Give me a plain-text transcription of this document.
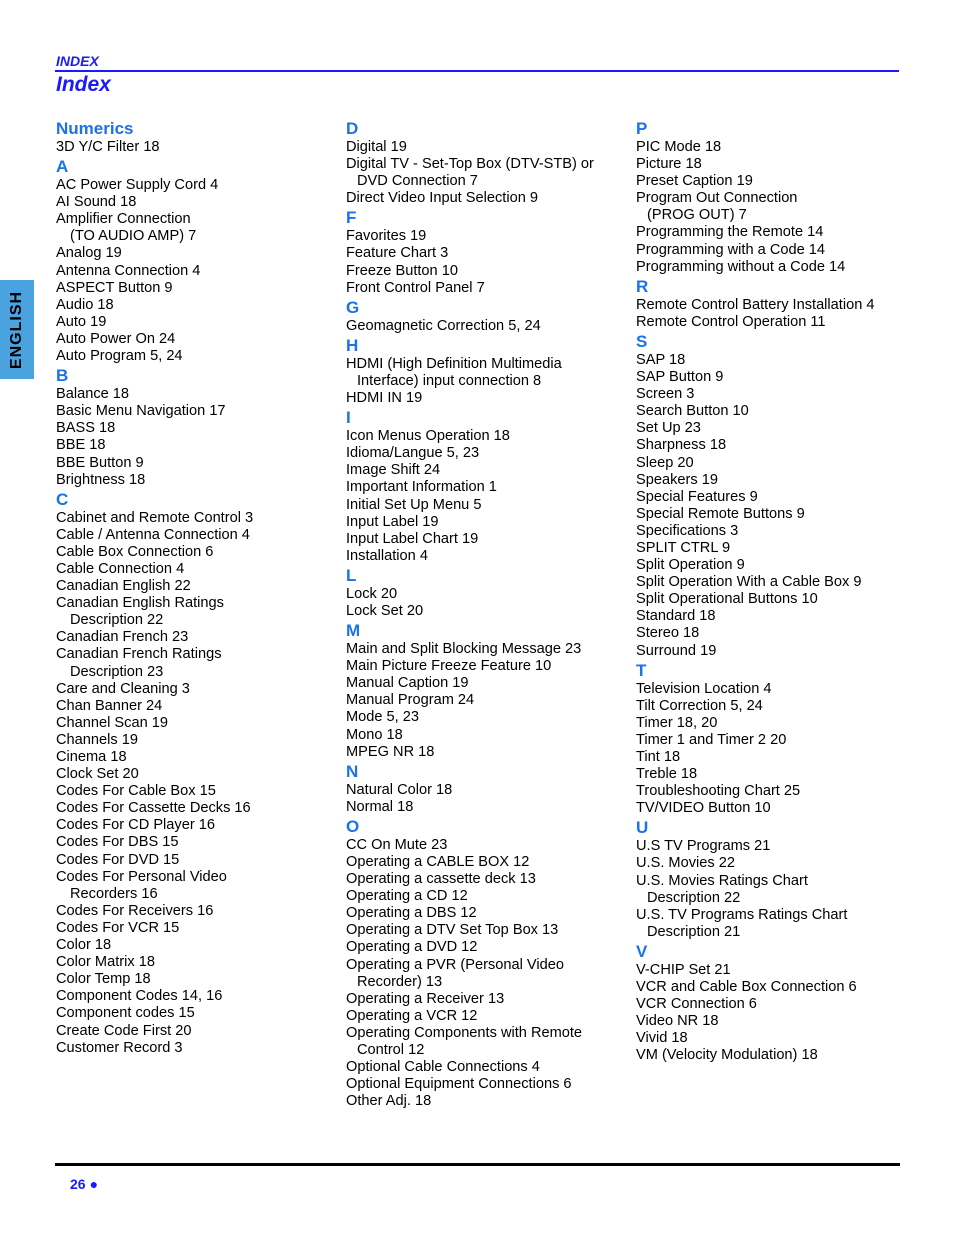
INDEX
Index
ENGLISH
Numerics
3D Y/C Filter 18
A
AC Power Supply Cord 4
AI Sound 18
Amplifier Connection
(TO AUDIO AMP) 7
Analog 19
Antenna Connection 4
ASPECT Button 9
Audio 18
Auto 19
Auto Power On 24
Auto Program 5, 24
B
Balance 18
Basic Menu Navigation 17
BASS 18
BBE 18
BBE Button 9
Brightness 18
C
Cabinet and Remote Control 3
Cable / Antenna Connection 4
Cable Box Connection 6
Cable Connection 4
Canadian English 22
Canadian English Ratings
Description 22
Canadian French 23
Canadian French Ratings
Description 23
Care and Cleaning 3
Chan Banner 24
Channel Scan 19
Channels 19
Cinema 18
Clock Set 20
Codes For Cable Box 15
Codes For Cassette Decks 16
Codes For CD Player 16
Codes For DBS 15
Codes For DVD 15
Codes For Personal Video
Recorders 16
Codes For Receivers 16
Codes For VCR 15
Color 18
Color Matrix 18
Color Temp 18
Component Codes 14, 16
Component codes 15
Create Code First 20
Customer Record 3
D
Digital 19
Digital TV - Set-Top Box (DTV-STB) or
DVD Connection 7
Direct Video Input Selection 9
F
Favorites 19
Feature Chart 3
Freeze Button 10
Front Control Panel 7
G
Geomagnetic Correction 5, 24
H
HDMI (High Definition Multimedia
Interface) input connection 8
HDMI IN 19
I
Icon Menus Operation 18
Idioma/Langue 5, 23
Image Shift 24
Important Information 1
Initial Set Up Menu 5
Input Label 19
Input Label Chart 19
Installation 4
L
Lock 20
Lock Set 20
M
Main and Split Blocking Message 23
Main Picture Freeze Feature 10
Manual Caption 19
Manual Program 24
Mode 5, 23
Mono 18
MPEG NR 18
N
Natural Color 18
Normal 18
O
CC On Mute 23
Operating a CABLE BOX 12
Operating a cassette deck 13
Operating a CD 12
Operating a DBS 12
Operating a DTV Set Top Box 13
Operating a DVD 12
Operating a PVR (Personal Video
Recorder) 13
Operating a Receiver 13
Operating a VCR 12
Operating Components with Remote
Control 12
Optional Cable Connections 4
Optional Equipment Connections 6
Other Adj. 18
P
PIC Mode 18
Picture 18
Preset Caption 19
Program Out Connection
(PROG OUT) 7
Programming the Remote 14
Programming with a Code 14
Programming without a Code 14
R
Remote Control Battery Installation 4
Remote Control Operation 11
S
SAP 18
SAP Button 9
Screen 3
Search Button 10
Set Up 23
Sharpness 18
Sleep 20
Speakers 19
Special Features 9
Special Remote Buttons 9
Specifications 3
SPLIT CTRL 9
Split Operation 9
Split Operation With a Cable Box 9
Split Operational Buttons 10
Standard 18
Stereo 18
Surround 19
T
Television Location 4
Tilt Correction 5, 24
Timer 18, 20
Timer 1 and Timer 2 20
Tint 18
Treble 18
Troubleshooting Chart 25
TV/VIDEO Button 10
U
U.S TV Programs 21
U.S. Movies 22
U.S. Movies Ratings Chart
Description 22
U.S. TV Programs Ratings Chart
Description 21
V
V-CHIP Set 21
VCR and Cable Box Connection 6
VCR Connection 6
Video NR 18
Vivid 18
VM (Velocity Modulation) 18
26 ●
